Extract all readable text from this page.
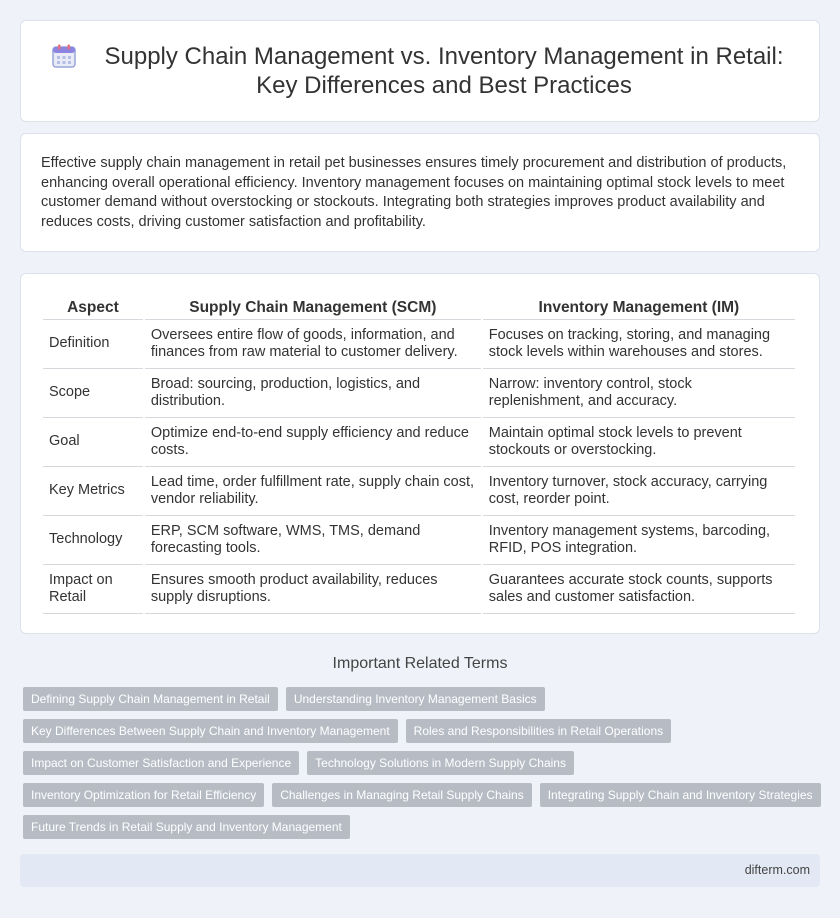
Supply Chain Management vs. Inventory Management in Retail: Key Differences and Best Practices

Effective supply chain management in retail pet businesses ensures timely procurement and distribution of products, enhancing overall operational efficiency. Inventory management focuses on maintaining optimal stock levels to meet customer demand without overstocking or stockouts. Integrating both strategies improves product availability and reduces costs, driving customer satisfaction and profitability.

Aspect	Supply Chain Management (SCM)	Inventory Management (IM)
Definition	Oversees entire flow of goods, information, and finances from raw material to customer delivery.	Focuses on tracking, storing, and managing stock levels within warehouses and stores.
Scope	Broad: sourcing, production, logistics, and distribution.	Narrow: inventory control, stock replenishment, and accuracy.
Goal	Optimize end-to-end supply efficiency and reduce costs.	Maintain optimal stock levels to prevent stockouts or overstocking.
Key Metrics	Lead time, order fulfillment rate, supply chain cost, vendor reliability.	Inventory turnover, stock accuracy, carrying cost, reorder point.
Technology	ERP, SCM software, WMS, TMS, demand forecasting tools.	Inventory management systems, barcoding, RFID, POS integration.
Impact on Retail	Ensures smooth product availability, reduces supply disruptions.	Guarantees accurate stock counts, supports sales and customer satisfaction.
Important Related Terms
Defining Supply Chain Management in Retail	Understanding Inventory Management Basics
Key Differences Between Supply Chain and Inventory Management	Roles and Responsibilities in Retail Operations
Impact on Customer Satisfaction and Experience	Technology Solutions in Modern Supply Chains
Inventory Optimization for Retail Efficiency	Challenges in Managing Retail Supply Chains	Integrating Supply Chain and Inventory Strategies
Future Trends in Retail Supply and Inventory Management
difterm.com
